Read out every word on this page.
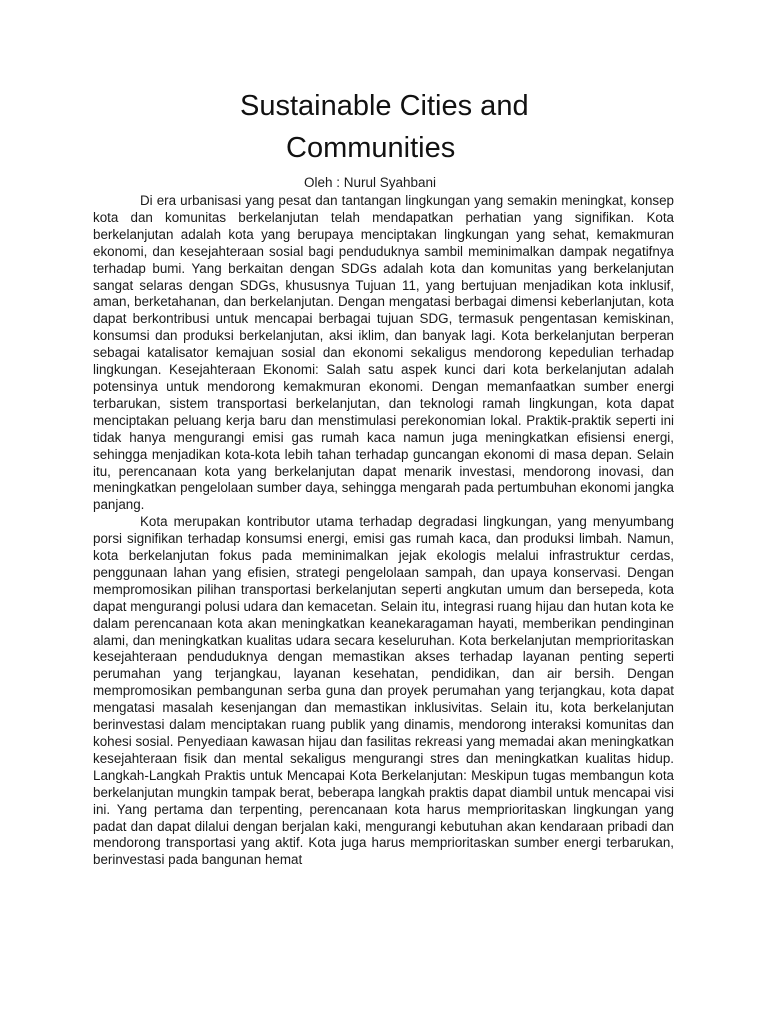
Sustainable Cities and
Communities

Oleh : Nurul Syahbani

Di era urbanisasi yang pesat dan tantangan lingkungan yang semakin meningkat, konsep kota dan komunitas berkelanjutan telah mendapatkan perhatian yang signifikan. Kota berkelanjutan adalah kota yang berupaya menciptakan lingkungan yang sehat, kemakmuran ekonomi, dan kesejahteraan sosial bagi penduduknya sambil meminimalkan dampak negatifnya terhadap bumi. Yang berkaitan dengan SDGs adalah kota dan komunitas yang berkelanjutan sangat selaras dengan SDGs, khususnya Tujuan 11, yang bertujuan menjadikan kota inklusif, aman, berketahanan, dan berkelanjutan. Dengan mengatasi berbagai dimensi keberlanjutan, kota dapat berkontribusi untuk mencapai berbagai tujuan SDG, termasuk pengentasan kemiskinan, konsumsi dan produksi berkelanjutan, aksi iklim, dan banyak lagi. Kota berkelanjutan berperan sebagai katalisator kemajuan sosial dan ekonomi sekaligus mendorong kepedulian terhadap lingkungan. Kesejahteraan Ekonomi: Salah satu aspek kunci dari kota berkelanjutan adalah potensinya untuk mendorong kemakmuran ekonomi. Dengan memanfaatkan sumber energi terbarukan, sistem transportasi berkelanjutan, dan teknologi ramah lingkungan, kota dapat menciptakan peluang kerja baru dan menstimulasi perekonomian lokal. Praktik-praktik seperti ini tidak hanya mengurangi emisi gas rumah kaca namun juga meningkatkan efisiensi energi, sehingga menjadikan kota-kota lebih tahan terhadap guncangan ekonomi di masa depan. Selain itu, perencanaan kota yang berkelanjutan dapat menarik investasi, mendorong inovasi, dan meningkatkan pengelolaan sumber daya, sehingga mengarah pada pertumbuhan ekonomi jangka panjang.

Kota merupakan kontributor utama terhadap degradasi lingkungan, yang menyumbang porsi signifikan terhadap konsumsi energi, emisi gas rumah kaca, dan produksi limbah. Namun, kota berkelanjutan fokus pada meminimalkan jejak ekologis melalui infrastruktur cerdas, penggunaan lahan yang efisien, strategi pengelolaan sampah, dan upaya konservasi. Dengan mempromosikan pilihan transportasi berkelanjutan seperti angkutan umum dan bersepeda, kota dapat mengurangi polusi udara dan kemacetan. Selain itu, integrasi ruang hijau dan hutan kota ke dalam perencanaan kota akan meningkatkan keanekaragaman hayati, memberikan pendinginan alami, dan meningkatkan kualitas udara secara keseluruhan. Kota berkelanjutan memprioritaskan kesejahteraan penduduknya dengan memastikan akses terhadap layanan penting seperti perumahan yang terjangkau, layanan kesehatan, pendidikan, dan air bersih. Dengan mempromosikan pembangunan serba guna dan proyek perumahan yang terjangkau, kota dapat mengatasi masalah kesenjangan dan memastikan inklusivitas. Selain itu, kota berkelanjutan berinvestasi dalam menciptakan ruang publik yang dinamis, mendorong interaksi komunitas dan kohesi sosial. Penyediaan kawasan hijau dan fasilitas rekreasi yang memadai akan meningkatkan kesejahteraan fisik dan mental sekaligus mengurangi stres dan meningkatkan kualitas hidup. Langkah-Langkah Praktis untuk Mencapai Kota Berkelanjutan: Meskipun tugas membangun kota berkelanjutan mungkin tampak berat, beberapa langkah praktis dapat diambil untuk mencapai visi ini. Yang pertama dan terpenting, perencanaan kota harus memprioritaskan lingkungan yang padat dan dapat dilalui dengan berjalan kaki, mengurangi kebutuhan akan kendaraan pribadi dan mendorong transportasi yang aktif. Kota juga harus memprioritaskan sumber energi terbarukan, berinvestasi pada bangunan hemat
